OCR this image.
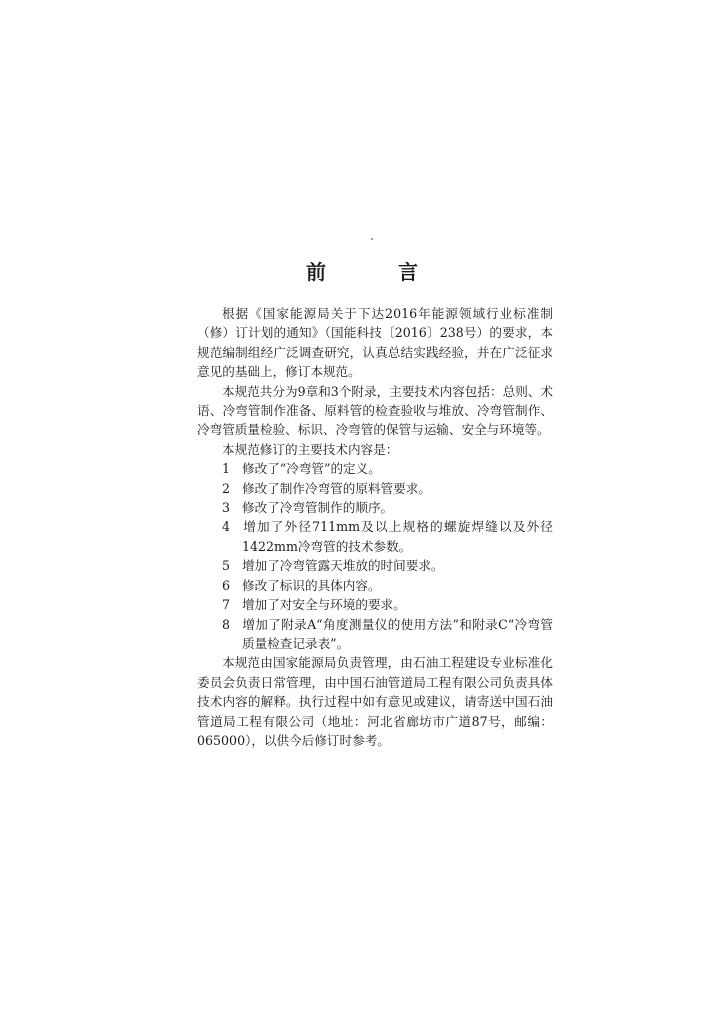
前　言

根据《国家能源局关于下达2016年能源领域行业标准制（修）订计划的通知》（国能科技〔2016〕238号）的要求，本规范编制组经广泛调查研究，认真总结实践经验，并在广泛征求意见的基础上，修订本规范。

本规范共分为9章和3个附录，主要技术内容包括：总则、术语、冷弯管制作准备、原料管的检查验收与堆放、冷弯管制作、冷弯管质量检验、标识、冷弯管的保管与运输、安全与环境等。

本规范修订的主要技术内容是：

1 修改了“冷弯管”的定义。

2 修改了制作冷弯管的原料管要求。

3 修改了冷弯管制作的顺序。

4 增加了外径711mm及以上规格的螺旋焊缝以及外径1422mm冷弯管的技术参数。

5 增加了冷弯管露天堆放的时间要求。

6 修改了标识的具体内容。

7 增加了对安全与环境的要求。

8 增加了附录A“角度测量仪的使用方法”和附录C“冷弯管质量检查记录表”。

本规范由国家能源局负责管理，由石油工程建设专业标准化委员会负责日常管理，由中国石油管道局工程有限公司负责具体技术内容的解释。执行过程中如有意见或建议，请寄送中国石油管道局工程有限公司（地址：河北省廊坊市广道87号，邮编：065000），以供今后修订时参考。
